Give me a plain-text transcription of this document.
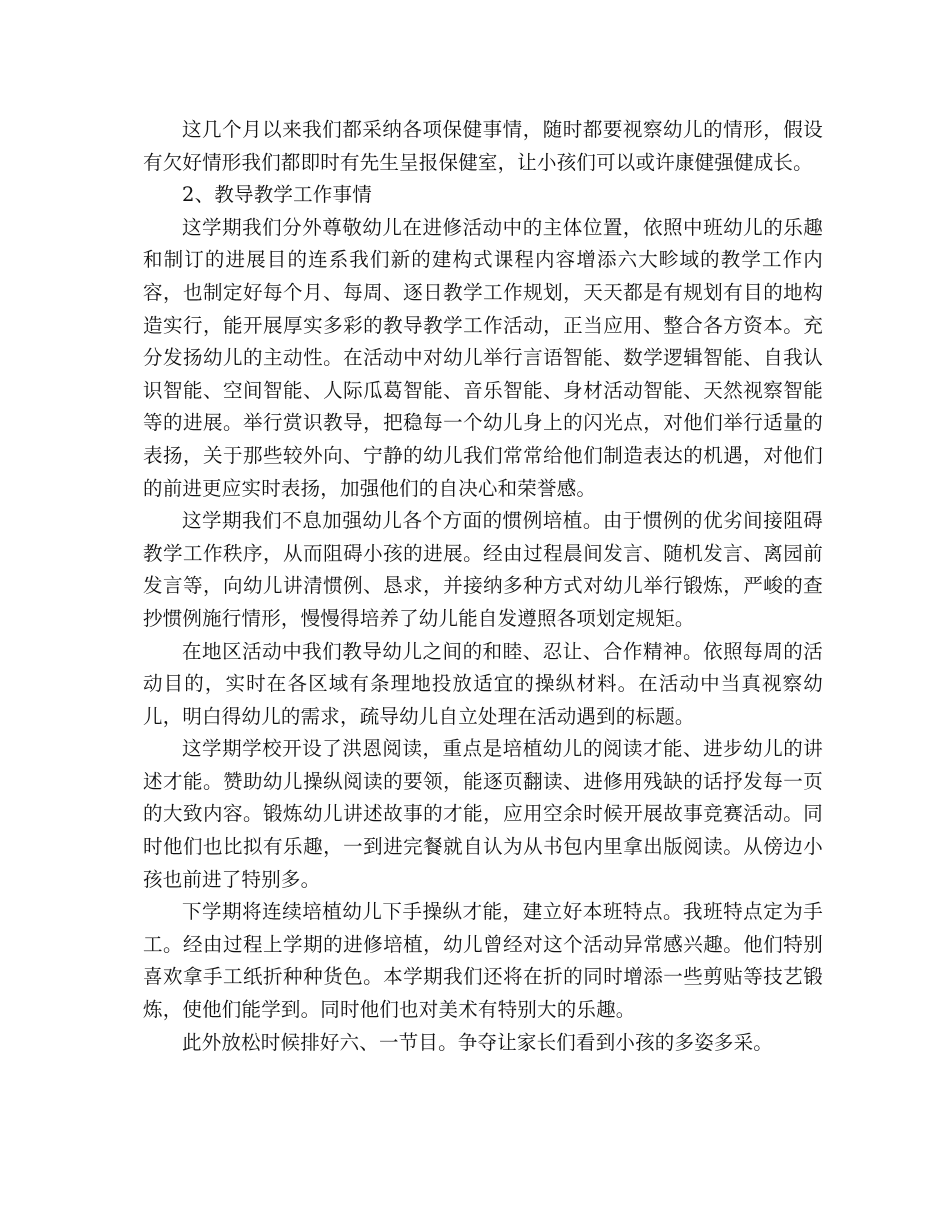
这几个月以来我们都采纳各项保健事情，随时都要视察幼儿的情形，假设有欠好情形我们都即时有先生呈报保健室，让小孩们可以或许康健强健成长。

2、教导教学工作事情

这学期我们分外尊敬幼儿在进修活动中的主体位置，依照中班幼儿的乐趣和制订的进展目的连系我们新的建构式课程内容增添六大畛域的教学工作内容，也制定好每个月、每周、逐日教学工作规划，天天都是有规划有目的地构造实行，能开展厚实多彩的教导教学工作活动，正当应用、整合各方资本。充分发扬幼儿的主动性。在活动中对幼儿举行言语智能、数学逻辑智能、自我认识智能、空间智能、人际瓜葛智能、音乐智能、身材活动智能、天然视察智能等的进展。举行赏识教导，把稳每一个幼儿身上的闪光点，对他们举行适量的表扬，关于那些较外向、宁静的幼儿我们常常给他们制造表达的机遇，对他们的前进更应实时表扬，加强他们的自决心和荣誉感。

这学期我们不息加强幼儿各个方面的惯例培植。由于惯例的优劣间接阻碍教学工作秩序，从而阻碍小孩的进展。经由过程晨间发言、随机发言、离园前发言等，向幼儿讲清惯例、恳求，并接纳多种方式对幼儿举行锻炼，严峻的查抄惯例施行情形，慢慢得培养了幼儿能自发遵照各项划定规矩。

在地区活动中我们教导幼儿之间的和睦、忍让、合作精神。依照每周的活动目的，实时在各区域有条理地投放适宜的操纵材料。在活动中当真视察幼儿，明白得幼儿的需求，疏导幼儿自立处理在活动遇到的标题。

这学期学校开设了洪恩阅读，重点是培植幼儿的阅读才能、进步幼儿的讲述才能。赞助幼儿操纵阅读的要领，能逐页翻读、进修用残缺的话抒发每一页的大致内容。锻炼幼儿讲述故事的才能，应用空余时候开展故事竞赛活动。同时他们也比拟有乐趣，一到进完餐就自认为从书包内里拿出版阅读。从傍边小孩也前进了特别多。

下学期将连续培植幼儿下手操纵才能，建立好本班特点。我班特点定为手工。经由过程上学期的进修培植，幼儿曾经对这个活动异常感兴趣。他们特别喜欢拿手工纸折种种货色。本学期我们还将在折的同时增添一些剪贴等技艺锻炼，使他们能学到。同时他们也对美术有特别大的乐趣。

此外放松时候排好六、一节目。争夺让家长们看到小孩的多姿多采。
